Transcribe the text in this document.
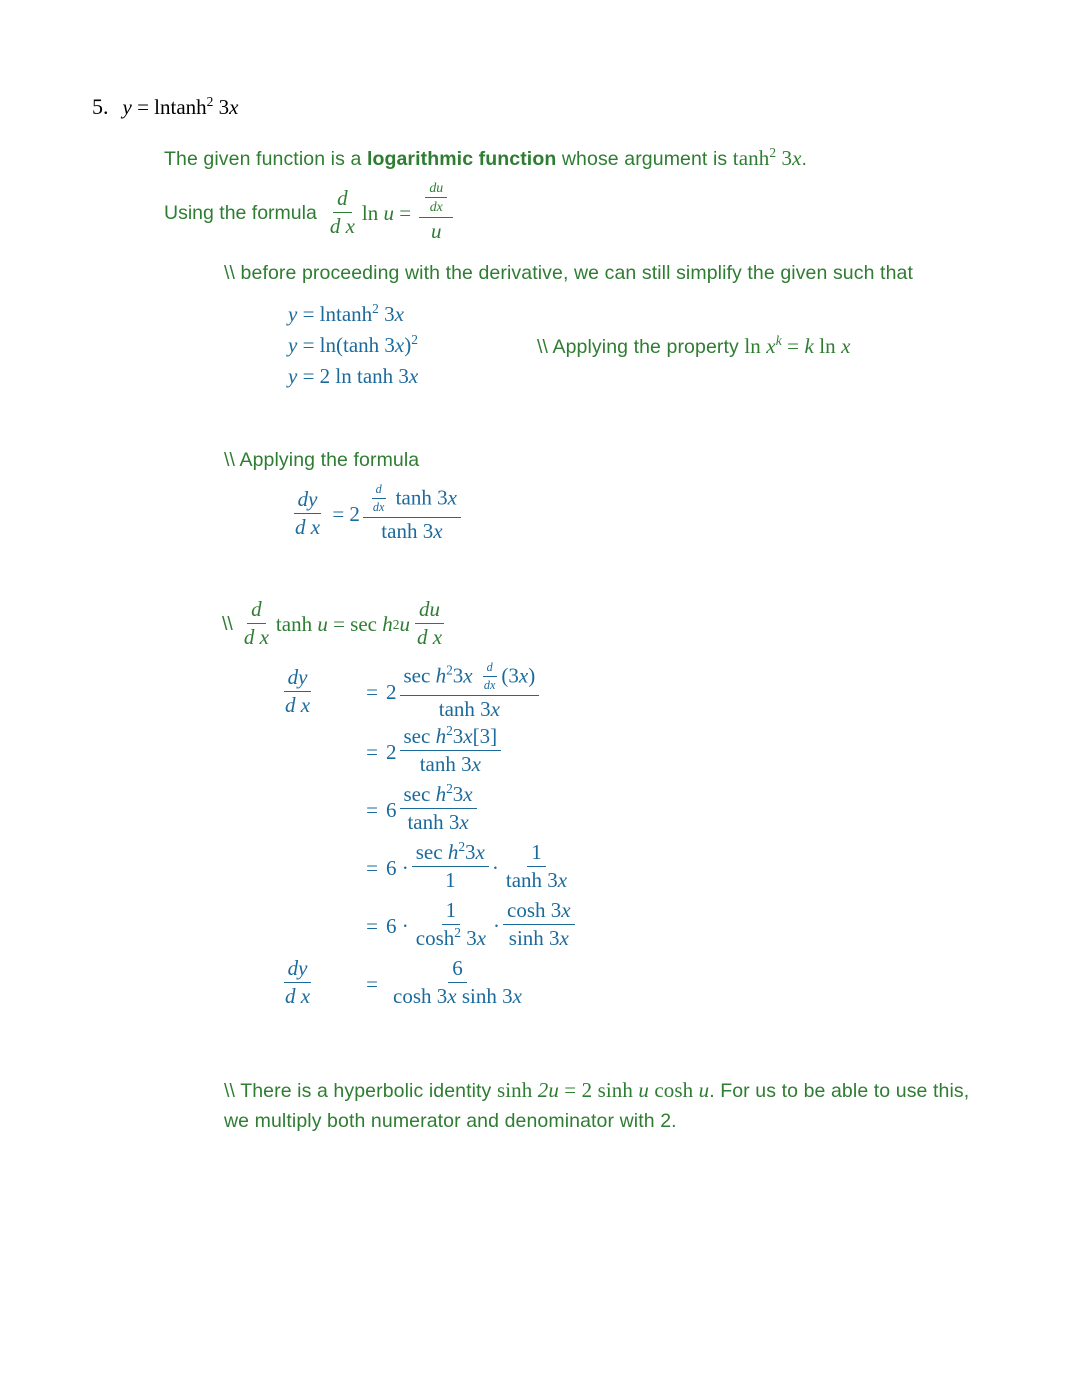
5. y = lntanh$^2$ 3x
The given function is a logarithmic function whose argument is $\tanh^2 3x$.
Using the formula $\frac{d}{\text{d x}}$ ln
u
=
$\frac{\frac{du}{dx}}{u}$
\\ before proceeding with the derivative, we can still simplify the given such that
y = lntanh$^2$ 3x
y = ln(tanh 3x)$^2$
y = 2 ln tanh 3x
\\ Applying the property $\ln x^k = k$ ln x
\\ Applying the formula
$\frac{dy}{\text{d x}}$
=
$2 \frac{\frac{d}{dx} \tanh 3x}{\tanh 3x}$
\\ $\frac{d}{\text{d x}}$ tanh
u
=
sec
h 2 u $\frac{du}{\text{d x}}$
$\frac{dy}{\text{d x}}$	= 2
$\sec h^23x \frac{d}{dx} (3x)$
tanh 3x
= $2 \frac{\sec h^23x[3]}{\tanh 3x}$
= $6 \frac{\sec h^23x}{\tanh 3x}$
= 6
· $\frac{\sec h^23x}{1} \cdot \frac{1}{\tanh 3x}$
= 6
· $\frac{1}{\cosh^2 3x} \cdot \frac{\cosh 3x}{\sinh 3x}$
$\frac{dy}{\text{d x}}$	= $\frac{6}{\text{cosh 3x sinh 3x}}$
\\ There is a hyperbolic identity sinh 2u = 2 sinh u cosh u. For us to be able to use this, we multiply both numerator and denominator with 2.
